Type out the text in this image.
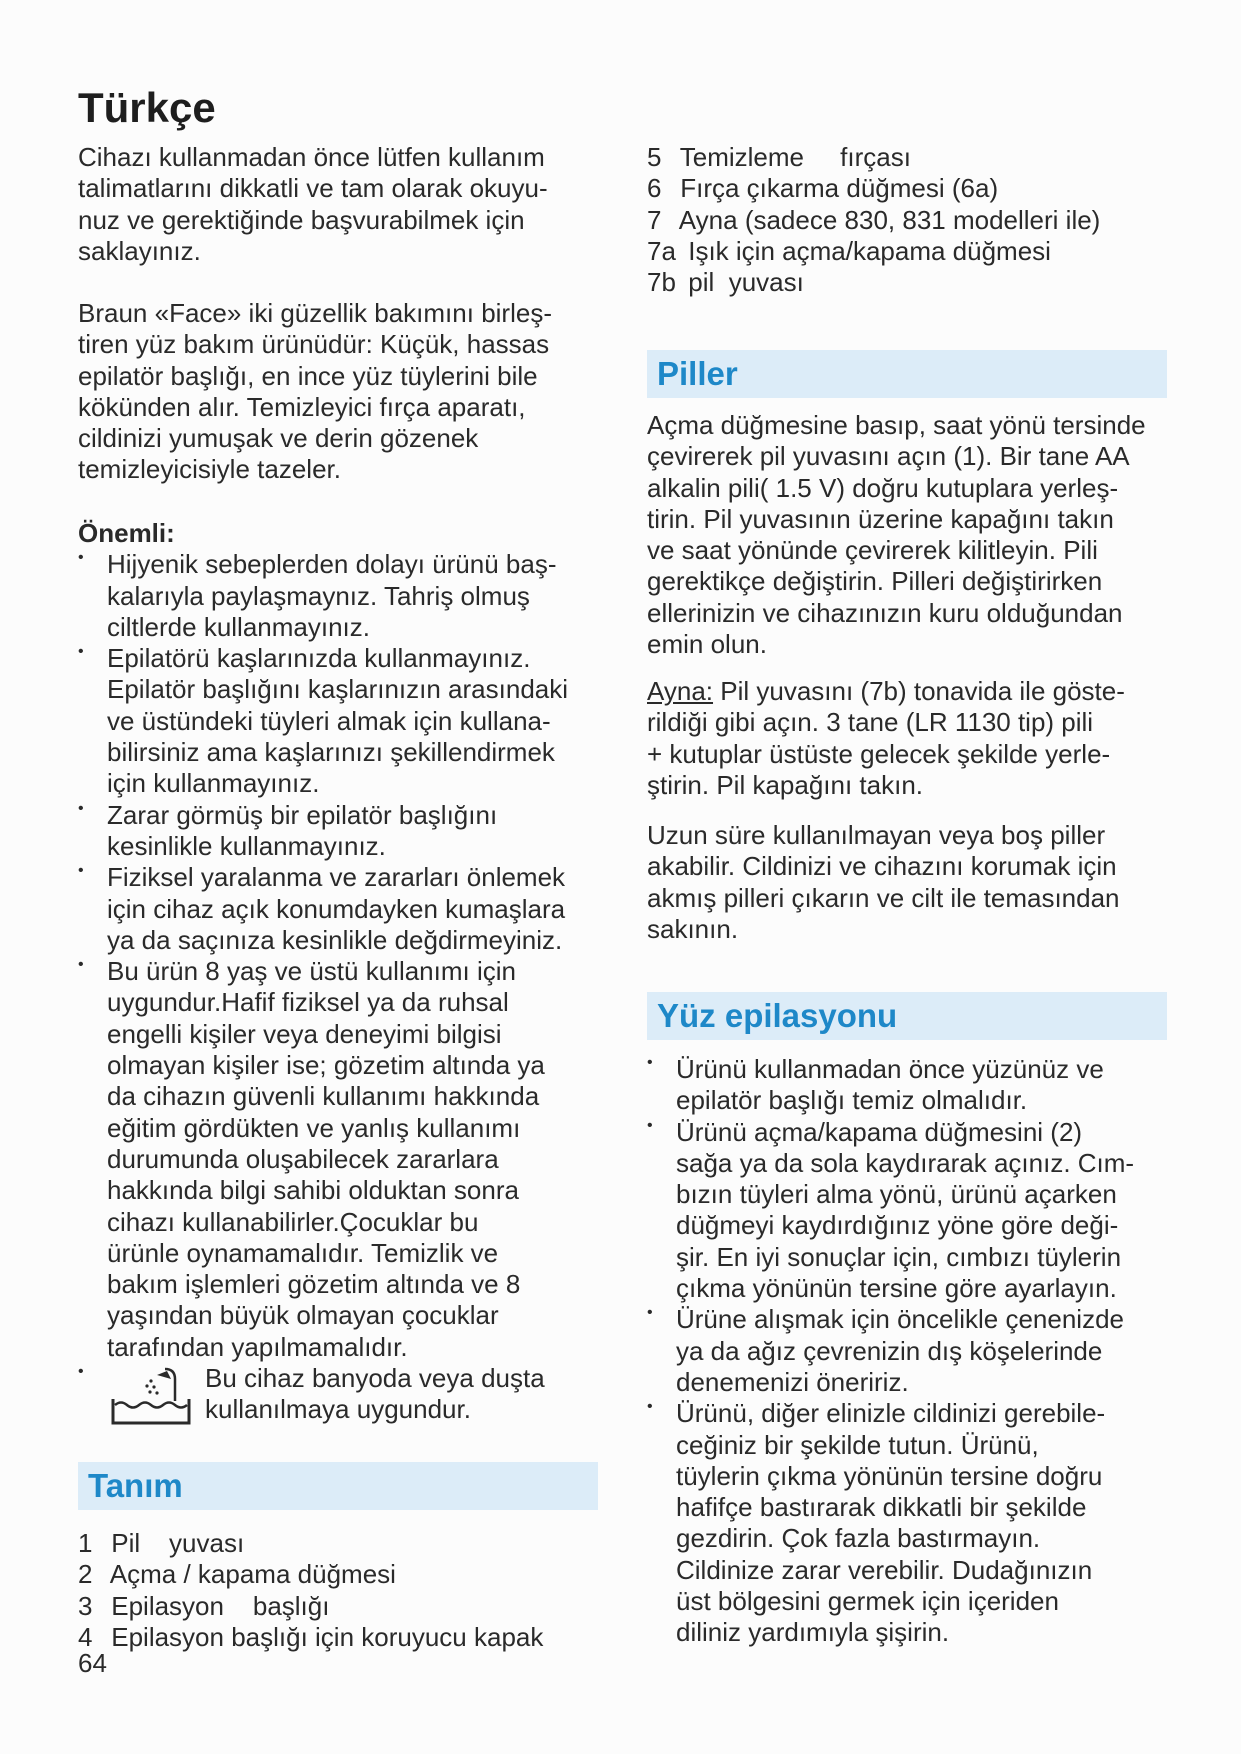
Türkçe

Cihazı kullanmadan önce lütfen kullanım

talimatlarını dikkatli ve tam olarak okuyu-

nuz ve gerektiğinde başvurabilmek için

saklayınız.

Braun «Face» iki güzellik bakımını birleş-

tiren yüz bakım ürünüdür: Küçük, hassas

epilatör başlığı, en ince yüz tüylerini bile

kökünden alır. Temizleyici fırça aparatı,

cildinizi yumuşak ve derin gözenek

temizleyicisiyle tazeler.

Önemli:

• Hijyenik sebeplerden dolayı ürünü baş-

kalarıyla paylaşmaynız. Tahriş olmuş

ciltlerde kullanmayınız.

• Epilatörü kaşlarınızda kullanmayınız.

Epilatör başlığını kaşlarınızın arasındaki

ve üstündeki tüyleri almak için kullana-

bilirsiniz ama kaşlarınızı şekillendirmek

için kullanmayınız.

• Zarar görmüş bir epilatör başlığını

kesinlikle kullanmayınız.

• Fiziksel yaralanma ve zararları önlemek

için cihaz açık konumdayken kumaşlara

ya da saçınıza kesinlikle değdirmeyiniz.

• Bu ürün 8 yaş ve üstü kullanımı için

uygundur.Hafif fiziksel ya da ruhsal

engelli kişiler veya deneyimi bilgisi

olmayan kişiler ise; gözetim altında ya

da cihazın güvenli kullanımı hakkında

eğitim gördükten ve yanlış kullanımı

durumunda oluşabilecek zararlara

hakkında bilgi sahibi olduktan sonra

cihazı kullanabilirler.Çocuklar bu

ürünle oynamamalıdır. Temizlik ve

bakım işlemleri gözetim altında ve 8

yaşından büyük olmayan çocuklar

tarafından yapılmamalıdır.

• Bu cihaz banyoda veya duşta

kullanılmaya uygundur.

Tanım

1 Pil    yuvası

2 Açma / kapama düğmesi

3 Epilasyon    başlığı

4 Epilasyon başlığı için koruyucu kapak

64

5 Temizleme     fırçası

6 Fırça çıkarma düğmesi (6a)

7 Ayna (sadece 830, 831 modelleri ile)

7a Işık için açma/kapama düğmesi

7b pil  yuvası

Piller

Açma düğmesine basıp, saat yönü tersinde

çevirerek pil yuvasını açın (1). Bir tane AA

alkalin pili( 1.5 V) doğru kutuplara yerleş-

tirin. Pil yuvasının üzerine kapağını takın

ve saat yönünde çevirerek kilitleyin. Pili

gerektikçe değiştirin. Pilleri değiştirirken

ellerinizin ve cihazınızın kuru olduğundan

emin olun.

Ayna: Pil yuvasını (7b) tonavida ile göste-

rildiği gibi açın. 3 tane (LR 1130 tip) pili

+ kutuplar üstüste gelecek şekilde yerle-

ştirin. Pil kapağını takın.

Uzun süre kullanılmayan veya boş piller

akabilir. Cildinizi ve cihazını korumak için

akmış pilleri çıkarın ve cilt ile temasından

sakının.

Yüz epilasyonu

• Ürünü kullanmadan önce yüzünüz ve

epilatör başlığı temiz olmalıdır.

• Ürünü açma/kapama düğmesini (2)

sağa ya da sola kaydırarak açınız. Cım-

bızın tüyleri alma yönü, ürünü açarken

düğmeyi kaydırdığınız yöne göre deği-

şir. En iyi sonuçlar için, cımbızı tüylerin

çıkma yönünün tersine göre ayarlayın.

• Ürüne alışmak için öncelikle çenenizde

ya da ağız çevrenizin dış köşelerinde

denemenizi öneririz.

• Ürünü, diğer elinizle cildinizi gerebile-

ceğiniz bir şekilde tutun. Ürünü,

tüylerin çıkma yönünün tersine doğru

hafifçe bastırarak dikkatli bir şekilde

gezdirin. Çok fazla bastırmayın.

Cildinize zarar verebilir. Dudağınızın

üst bölgesini germek için içeriden

diliniz yardımıyla şişirin.
